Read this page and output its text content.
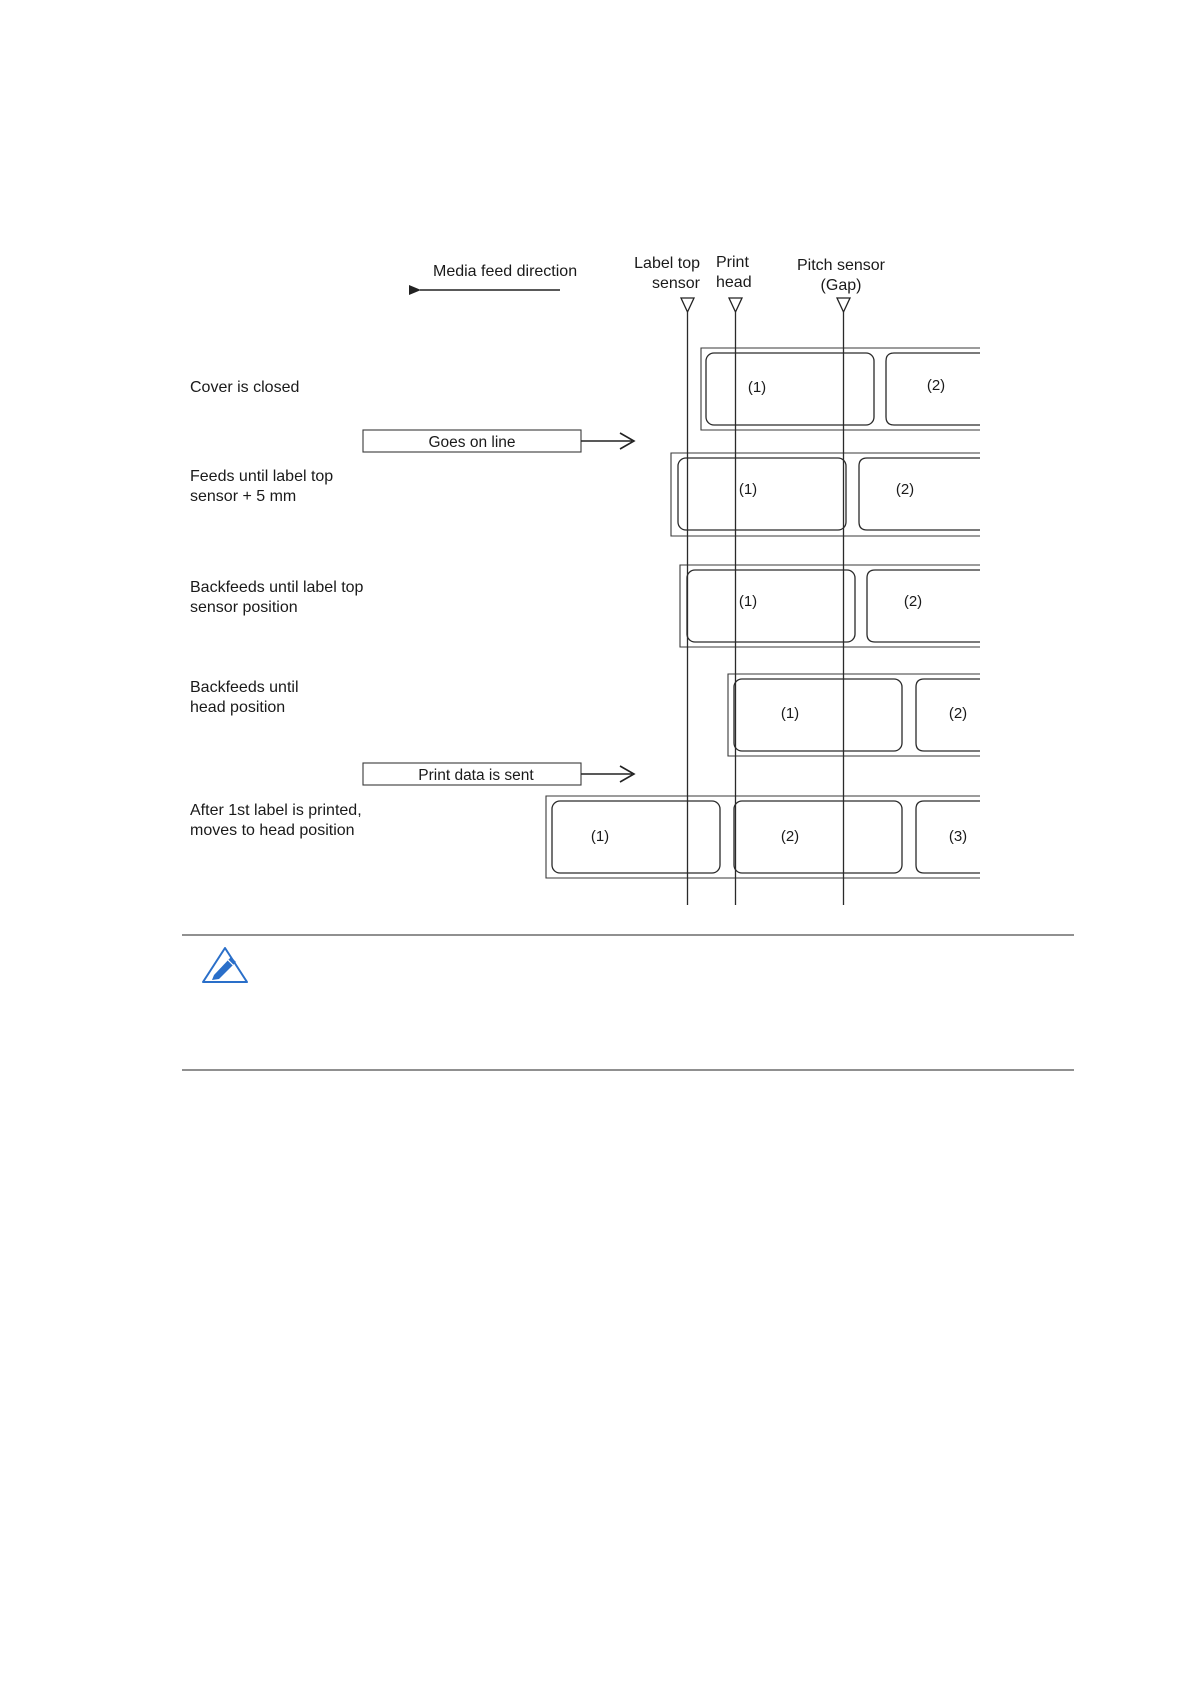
Media feed direction	Label top
sensor
Print
head
Pitch sensor
(Gap)
Cover is closed
Feeds until label top
sensor + 5 mm
Backfeeds until label top
sensor position
Backfeeds until
head position
After 1st label is printed,
moves to head position
Goes on line
Print data is sent
(1)	(2)
(1)	(2)
(1)	(2)
(1)	(2)
(1)	(2)	(3)
